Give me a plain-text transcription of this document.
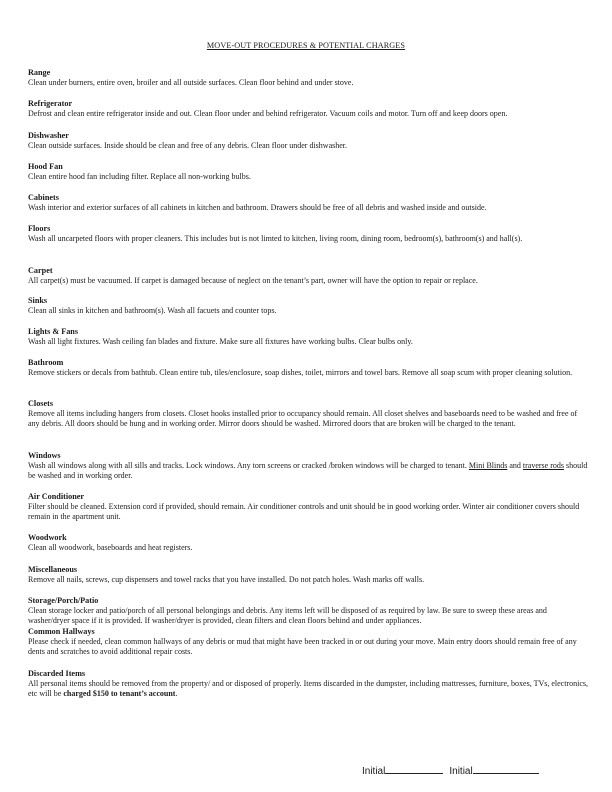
MOVE-OUT PROCEDURES & POTENTIAL CHARGES
Range
Clean under burners, entire oven, broiler and all outside surfaces. Clean floor behind and under stove.
Refrigerator
Defrost and clean entire refrigerator inside and out. Clean floor under and behind refrigerator. Vacuum coils and motor. Turn off and keep doors open.
Dishwasher
Clean outside surfaces. Inside should be clean and free of any debris. Clean floor under dishwasher.
Hood Fan
Clean entire hood fan including filter. Replace all non-working bulbs.
Cabinets
Wash interior and exterior surfaces of all cabinets in kitchen and bathroom. Drawers should be free of all debris and washed inside and outside.
Floors
Wash all uncarpeted floors with proper cleaners. This includes but is not limted to kitchen, living room, dining room, bedroom(s), bathroom(s) and hall(s).
Carpet
All carpet(s) must be vacuumed. If carpet is damaged because of neglect on the tenant’s part, owner will have the option to repair or replace.
Sinks
Clean all sinks in kitchen and bathroom(s). Wash all facuets and counter tops.
Lights & Fans
Wash all light fixtures. Wash ceiling fan blades and fixture. Make sure all fixtures have working bulbs. Clear bulbs only.
Bathroom
Remove stickers or decals from bathtub. Clean entire tub, tiles/enclosure, soap dishes, toilet, mirrors and towel bars. Remove all soap scum with proper cleaning solution.
Closets
Remove all items including hangers from closets. Closet hooks installed prior to occupancy should remain. All closet shelves and baseboards need to be washed and free of any debris. All doors should be hung and in working order. Mirror doors should be washed. Mirrored doors that are broken will be charged to the tenant.
Windows
Wash all windows along with all sills and tracks. Lock windows. Any torn screens or cracked /broken windows will be charged to tenant. Mini Blinds and traverse rods should be washed and in working order.
Air Conditioner
Filter should be cleaned. Extension cord if provided, should remain. Air conditioner controls and unit should be in good working order. Winter air conditioner covers should remain in the apartment unit.
Woodwork
Clean all woodwork, baseboards and heat registers.
Miscellaneous
Remove all nails, screws, cup dispensers and towel racks that you have installed. Do not patch holes. Wash marks off walls.
Storage/Porch/Patio
Clean storage locker and patio/porch of all personal belongings and debris. Any items left will be disposed of as required by law. Be sure to sweep these areas and washer/dryer space if it is provided. If washer/dryer is provided, clean filters and clean floors behind and under appliances.
Common Hallways
Please check if needed, clean common hallways of any debris or mud that might have been tracked in or out during your move. Main entry doors should remain free of any dents and scratches to avoid additional repair costs.
Discarded Items
All personal items should be removed from the property/ and or disposed of properly. Items discarded in the dumpster, including mattresses, furniture, boxes, TVs, electronics, etc will be charged $150 to tenant’s account.
Initial	Initial
